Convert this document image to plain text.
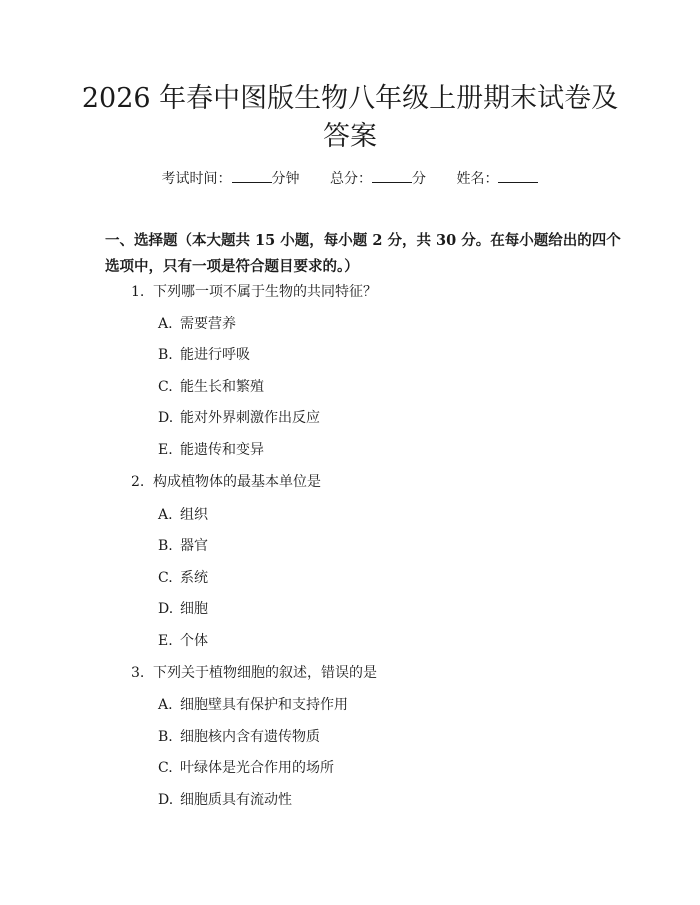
2026 年春中图版生物八年级上册期末试卷及
答案
考试时间：	分钟 总分：	分 姓名：

一、选择题（本大题共 15 小题，每小题 2 分，共 30 分。在每小题给出的四个选项中，只有一项是符合题目要求的。）

1. 下列哪一项不属于生物的共同特征？
A. 需要营养
B. 能进行呼吸
C. 能生长和繁殖
D. 能对外界刺激作出反应
E. 能遗传和变异
2. 构成植物体的最基本单位是
A. 组织
B. 器官
C. 系统
D. 细胞
E. 个体
3. 下列关于植物细胞的叙述，错误的是
A. 细胞壁具有保护和支持作用
B. 细胞核内含有遗传物质
C. 叶绿体是光合作用的场所
D. 细胞质具有流动性
